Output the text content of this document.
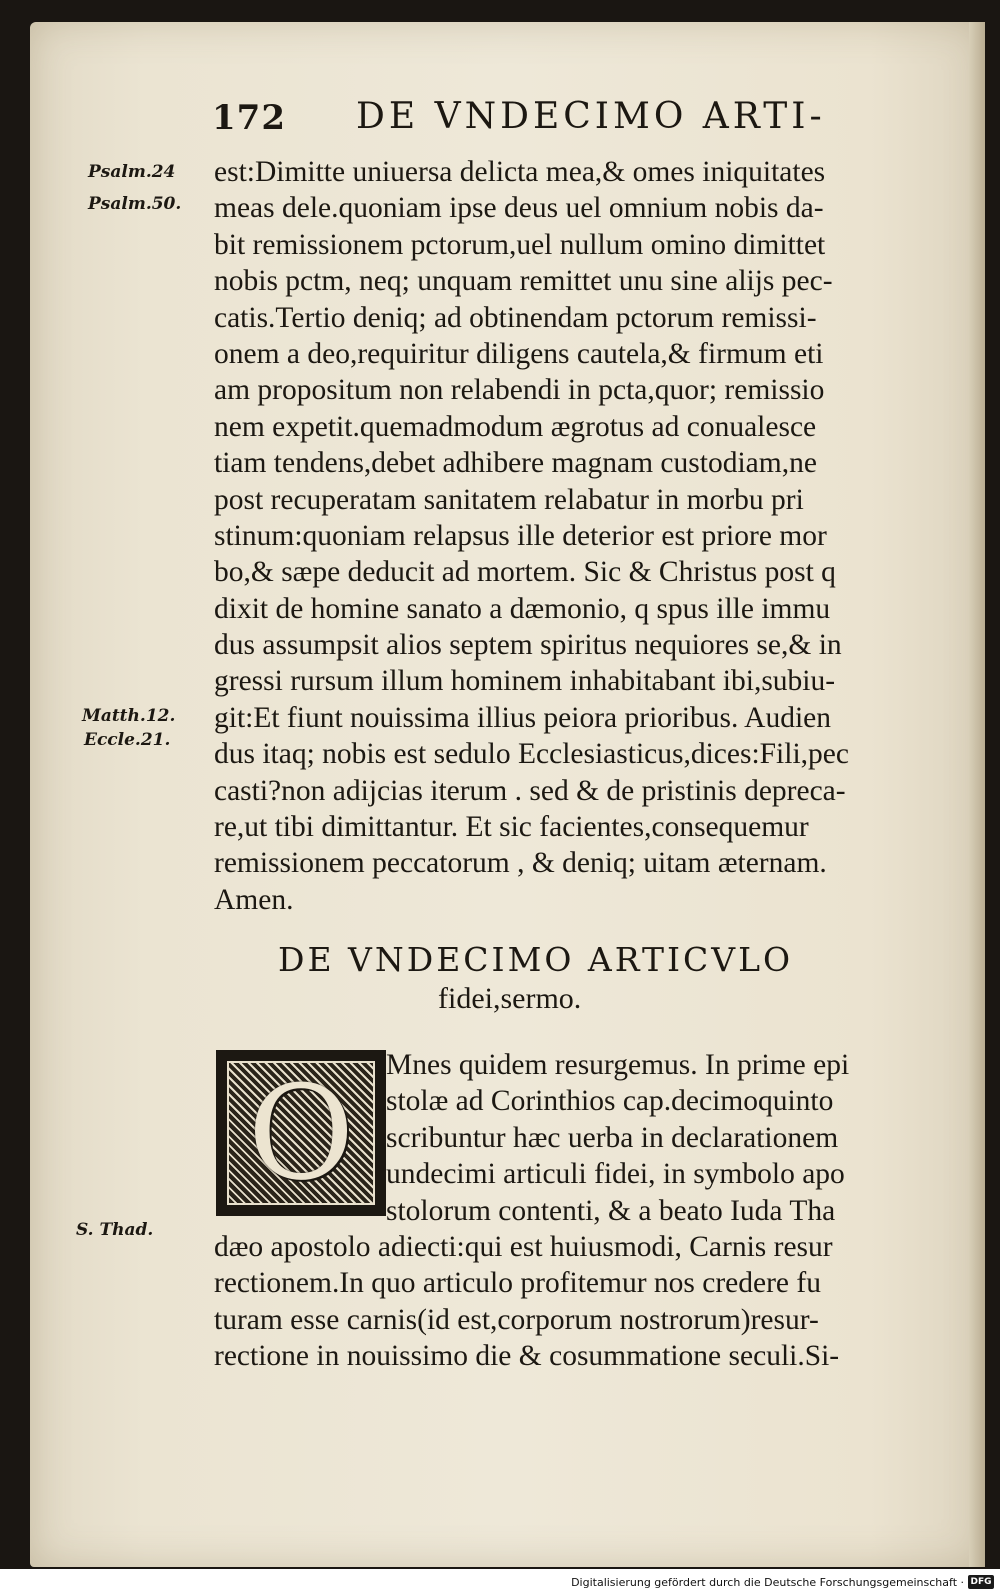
172 DE VNDECIMO ARTI-
Psalm.24
Psalm.50.
Matth.12.
Eccle.21.
S. Thad.
est:Dimitte uniuersa delicta mea,& omes iniquitates
meas dele.quoniam ipse deus uel omnium nobis da-
bit remissionem pctorum,uel nullum omino dimittet
nobis pctm, neq; unquam remittet unu sine alijs pec-
catis.Tertio deniq; ad obtinendam pctorum remissi-
onem a deo,requiritur diligens cautela,& firmum eti
am propositum non relabendi in pcta,quor; remissio
nem expetit.quemadmodum ægrotus ad conualesce
tiam tendens,debet adhibere magnam custodiam,ne
post recuperatam sanitatem relabatur in morbu pri
stinum:quoniam relapsus ille deterior est priore mor
bo,& sæpe deducit ad mortem. Sic & Christus post q
dixit de homine sanato a dæmonio, q spus ille immu
dus assumpsit alios septem spiritus nequiores se,& in
gressi rursum illum hominem inhabitabant ibi,subiu-
git:Et fiunt nouissima illius peiora prioribus. Audien
dus itaq; nobis est sedulo Ecclesiasticus,dices:Fili,pec
casti?non adijcias iterum . sed & de pristinis depreca-
re,ut tibi dimittantur. Et sic facientes,consequemur
remissionem peccatorum , & deniq; uitam æternam.
Amen.
DE VNDECIMO ARTICVLO
fidei,sermo.
O	Mnes quidem resurgemus. In prime epi
stolæ ad Corinthios cap.decimoquinto
scribuntur hæc uerba in declarationem
undecimi articuli fidei, in symbolo apo
stolorum contenti, & a beato Iuda Tha
dæo apostolo adiecti:qui est huiusmodi, Carnis resur
rectionem.In quo articulo profitemur nos credere fu
turam esse carnis(id est,corporum nostrorum)resur-
rectione in nouissimo die & cosummatione seculi.Si-
Digitalisierung gefördert durch die Deutsche Forschungsgemeinschaft · DFG
